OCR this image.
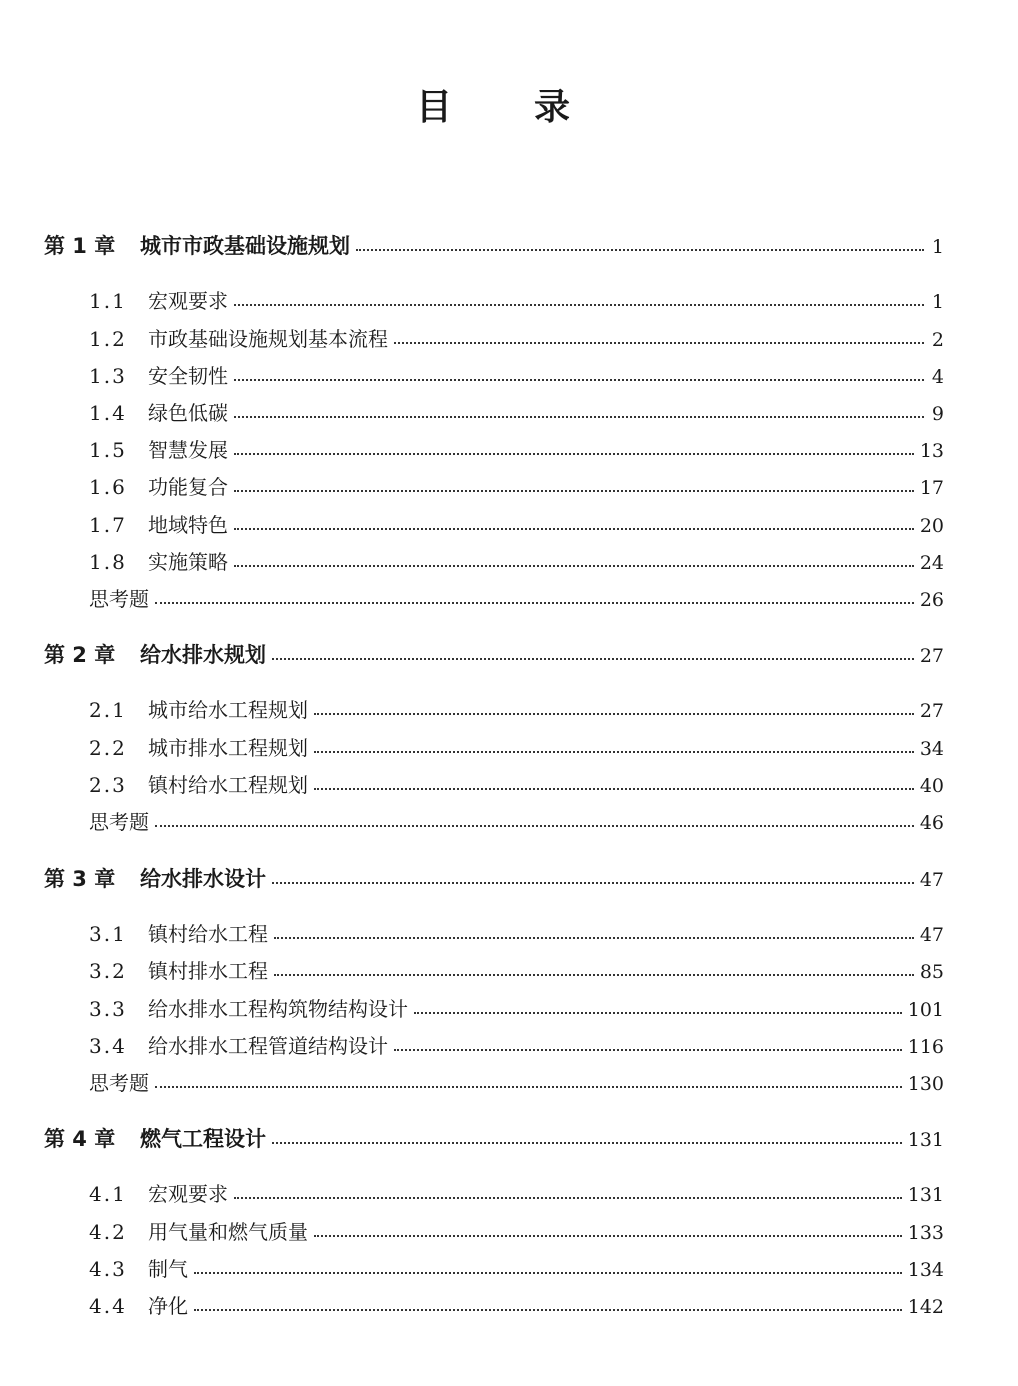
目 录
第 1 章	城市市政基础设施规划	1
1.1	宏观要求	1
1.2	市政基础设施规划基本流程	2
1.3	安全韧性	4
1.4	绿色低碳	9
1.5	智慧发展	13
1.6	功能复合	17
1.7	地域特色	20
1.8	实施策略	24
思考题	26
第 2 章	给水排水规划	27
2.1	城市给水工程规划	27
2.2	城市排水工程规划	34
2.3	镇村给水工程规划	40
思考题	46
第 3 章	给水排水设计	47
3.1	镇村给水工程	47
3.2	镇村排水工程	85
3.3	给水排水工程构筑物结构设计	101
3.4	给水排水工程管道结构设计	116
思考题	130
第 4 章	燃气工程设计	131
4.1	宏观要求	131
4.2	用气量和燃气质量	133
4.3	制气	134
4.4	净化	142
